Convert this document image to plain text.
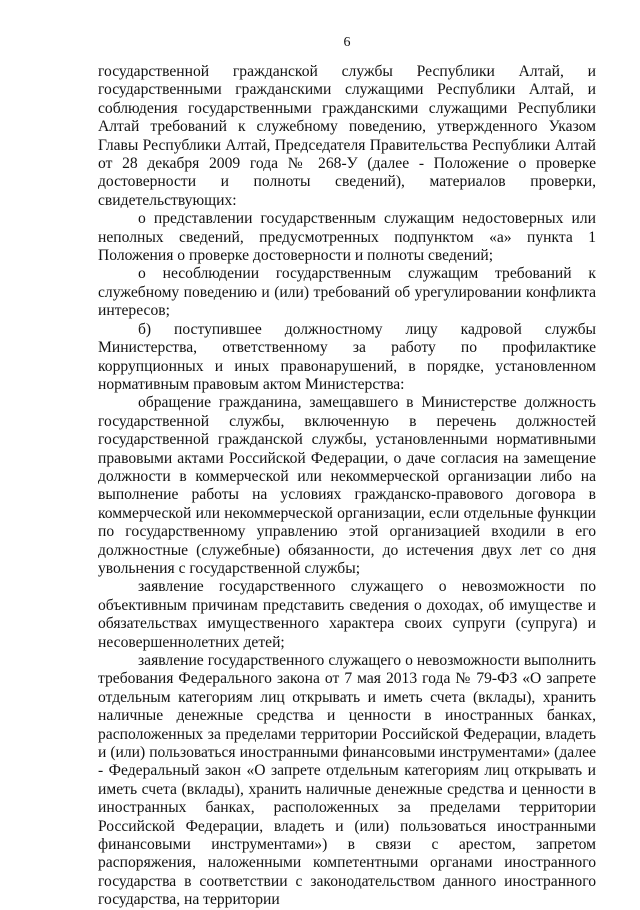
6

государственной гражданской службы Республики Алтай, и государственными гражданскими служащими Республики Алтай, и соблюдения государственными гражданскими служащими Республики Алтай требований к служебному поведению, утвержденного Указом Главы Республики Алтай, Председателя Правительства Республики Алтай от 28 декабря 2009 года № 268-У (далее - Положение о проверке достоверности и полноты сведений), материалов проверки, свидетельствующих:

о представлении государственным служащим недостоверных или неполных сведений, предусмотренных подпунктом «а» пункта 1 Положения о проверке достоверности и полноты сведений;

о несоблюдении государственным служащим требований к служебному поведению и (или) требований об урегулировании конфликта интересов;

б) поступившее должностному лицу кадровой службы Министерства, ответственному за работу по профилактике коррупционных и иных правонарушений, в порядке, установленном нормативным правовым актом Министерства:

обращение гражданина, замещавшего в Министерстве должность государственной службы, включенную в перечень должностей государственной гражданской службы, установленными нормативными правовыми актами Российской Федерации, о даче согласия на замещение должности в коммерческой или некоммерческой организации либо на выполнение работы на условиях гражданско-правового договора в коммерческой или некоммерческой организации, если отдельные функции по государственному управлению этой организацией входили в его должностные (служебные) обязанности, до истечения двух лет со дня увольнения с государственной службы;

заявление государственного служащего о невозможности по объективным причинам представить сведения о доходах, об имуществе и обязательствах имущественного характера своих супруги (супруга) и несовершеннолетних детей;

заявление государственного служащего о невозможности выполнить требования Федерального закона от 7 мая 2013 года № 79-ФЗ «О запрете отдельным категориям лиц открывать и иметь счета (вклады), хранить наличные денежные средства и ценности в иностранных банках, расположенных за пределами территории Российской Федерации, владеть и (или) пользоваться иностранными финансовыми инструментами» (далее - Федеральный закон «О запрете отдельным категориям лиц открывать и иметь счета (вклады), хранить наличные денежные средства и ценности в иностранных банках, расположенных за пределами территории Российской Федерации, владеть и (или) пользоваться иностранными финансовыми инструментами») в связи с арестом, запретом распоряжения, наложенными компетентными органами иностранного государства в соответствии с законодательством данного иностранного государства, на территории
